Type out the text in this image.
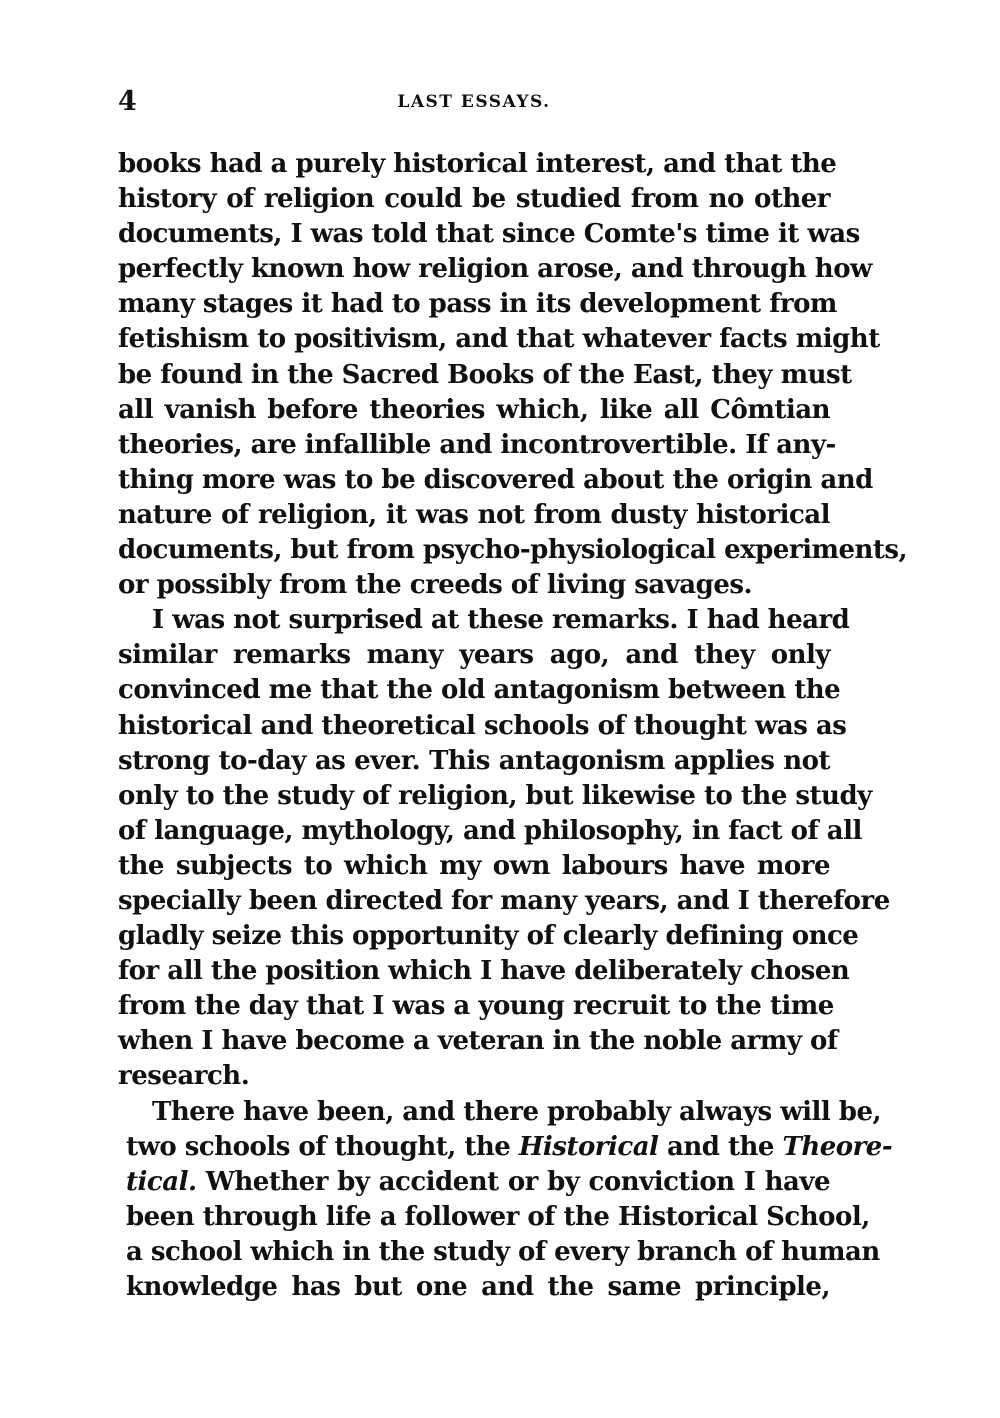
4	LAST ESSAYS.
books had a purely historical interest, and that the
history of religion could be studied from no other
documents, I was told that since Comte's time it was
perfectly known how religion arose, and through how
many stages it had to pass in its development from
fetishism to positivism, and that whatever facts might
be found in the Sacred Books of the East, they must
all vanish before theories which, like all Cômtian
theories, are infallible and incontrovertible. If any-
thing more was to be discovered about the origin and
nature of religion, it was not from dusty historical
documents, but from psycho-physiological experiments,
or possibly from the creeds of living savages.
I was not surprised at these remarks. I had heard
similar remarks many years ago, and they only
convinced me that the old antagonism between the
historical and theoretical schools of thought was as
strong to-day as ever. This antagonism applies not
only to the study of religion, but likewise to the study
of language, mythology, and philosophy, in fact of all
the subjects to which my own labours have more
specially been directed for many years, and I therefore
gladly seize this opportunity of clearly defining once
for all the position which I have deliberately chosen
from the day that I was a young recruit to the time
when I have become a veteran in the noble army of
research.
There have been, and there probably always will be,
two schools of thought, the Historical and the Theore-
tical. Whether by accident or by conviction I have
been through life a follower of the Historical School,
a school which in the study of every branch of human
knowledge has but one and the same principle,
